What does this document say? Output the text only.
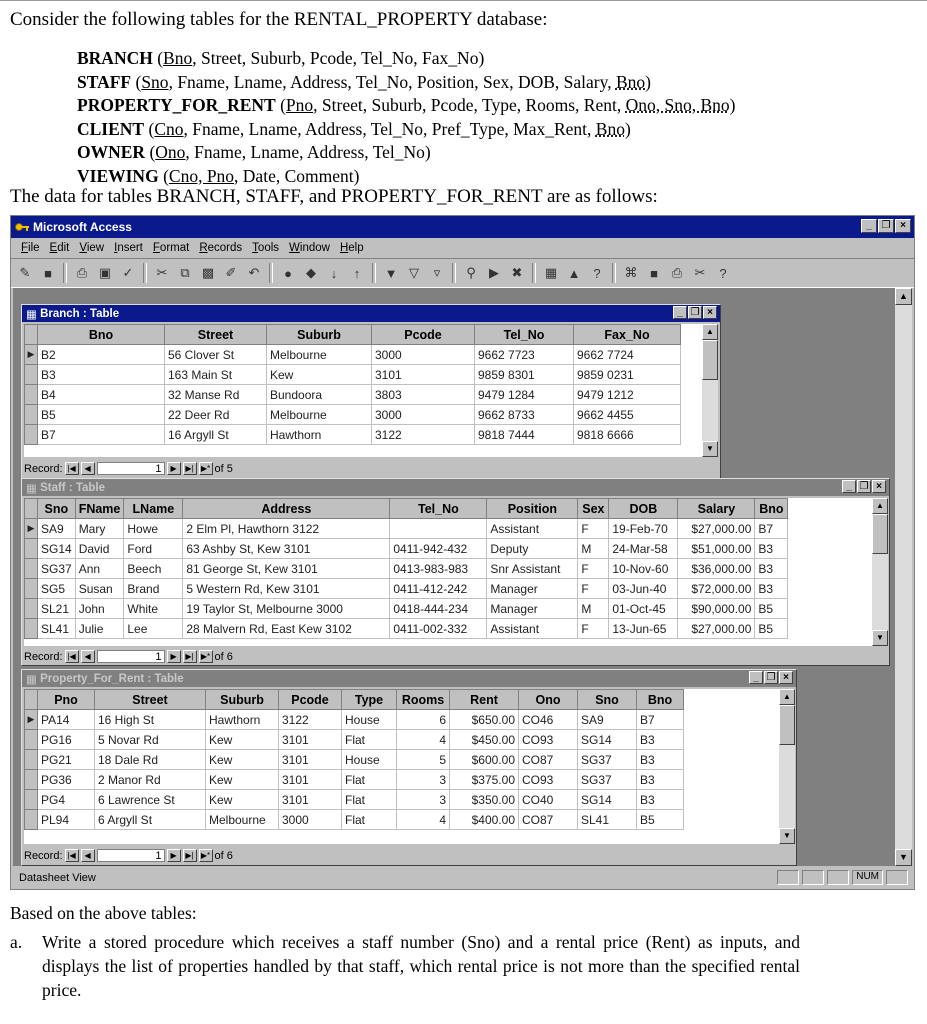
Consider the following tables for the RENTAL_PROPERTY database:
BRANCH (Bno, Street, Suburb, Pcode, Tel_No, Fax_No)
STAFF (Sno, Fname, Lname, Address, Tel_No, Position, Sex, DOB, Salary, Bno)
PROPERTY_FOR_RENT (Pno, Street, Suburb, Pcode, Type, Rooms, Rent, Ono, Sno, Bno)
CLIENT (Cno, Fname, Lname, Address, Tel_No, Pref_Type, Max_Rent, Bno)
OWNER (Ono, Fname, Lname, Address, Tel_No)
VIEWING (Cno, Pno, Date, Comment)
The data for tables BRANCH, STAFF, and PROPERTY_FOR_RENT are as follows:
Microsoft Access	_ ❐ ×
File Edit View Insert Format Records Tools Window Help
✎	■	⎙ ▣ ✓	✂ ⧉ ▩ ✐ ↶	●	◆	↓	↑	▼ ▽	▿	⚲	▶ ✖	▦ ▲ ?	⌘ ■	⎙ ✂	?
▲
▼
▦ Branch : Table	_ ❐ ×
	Bno	Street	Suburb	Pcode	Tel_No	Fax_No
▶	B2	56 Clover St	Melbourne	3000	9662 7723	9662 7724
	B3	163 Main St	Kew	3101	9859 8301	9859 0231
	B4	32 Manse Rd	Bundoora	3803	9479 1284	9479 1212
	B5	22 Deer Rd	Melbourne	3000	9662 8733	9662 4455
	B7	16 Argyll St	Hawthorn	3122	9818 7444	9818 6666
▲
▼
Record: |◀	◀	1	▶	▶| ▶* of 5
▦ Staff : Table	_ ❐ ×
	Sno	FName	LName	Address	Tel_No	Position	Sex	DOB	Salary	Bno
▶	SA9	Mary	Howe	2 Elm Pl, Hawthorn 3122		Assistant	F	19-Feb-70	$27,000.00	B7
	SG14	David	Ford	63 Ashby St, Kew 3101	0411-942-432	Deputy	M	24-Mar-58	$51,000.00	B3
	SG37	Ann	Beech	81 George St, Kew 3101	0413-983-983	Snr Assistant	F	10-Nov-60	$36,000.00	B3
	SG5	Susan	Brand	5 Western Rd, Kew 3101	0411-412-242	Manager	F	03-Jun-40	$72,000.00	B3
	SL21	John	White	19 Taylor St, Melbourne 3000	0418-444-234	Manager	M	01-Oct-45	$90,000.00	B5
	SL41	Julie	Lee	28 Malvern Rd, East Kew 3102	0411-002-332	Assistant	F	13-Jun-65	$27,000.00	B5
▲
▼
Record: |◀	◀	1	▶	▶| ▶* of 6
▦ Property_For_Rent : Table	_ ❐ ×
	Pno	Street	Suburb	Pcode	Type	Rooms	Rent	Ono	Sno	Bno
▶	PA14	16 High St	Hawthorn	3122	House	6	$650.00	CO46	SA9	B7
	PG16	5 Novar Rd	Kew	3101	Flat	4	$450.00	CO93	SG14	B3
	PG21	18 Dale Rd	Kew	3101	House	5	$600.00	CO87	SG37	B3
	PG36	2 Manor Rd	Kew	3101	Flat	3	$375.00	CO93	SG37	B3
	PG4	6 Lawrence St	Kew	3101	Flat	3	$350.00	CO40	SG14	B3
	PL94	6 Argyll St	Melbourne	3000	Flat	4	$400.00	CO87	SL41	B5
▲
▼
Record: |◀	◀	1	▶	▶| ▶* of 6
Datasheet View	NUM
Based on the above tables:
a. Write a stored procedure which receives a staff number (Sno) and a rental price (Rent) as inputs, and displays the list of properties handled by that staff, which rental price is not more than the specified rental price.
